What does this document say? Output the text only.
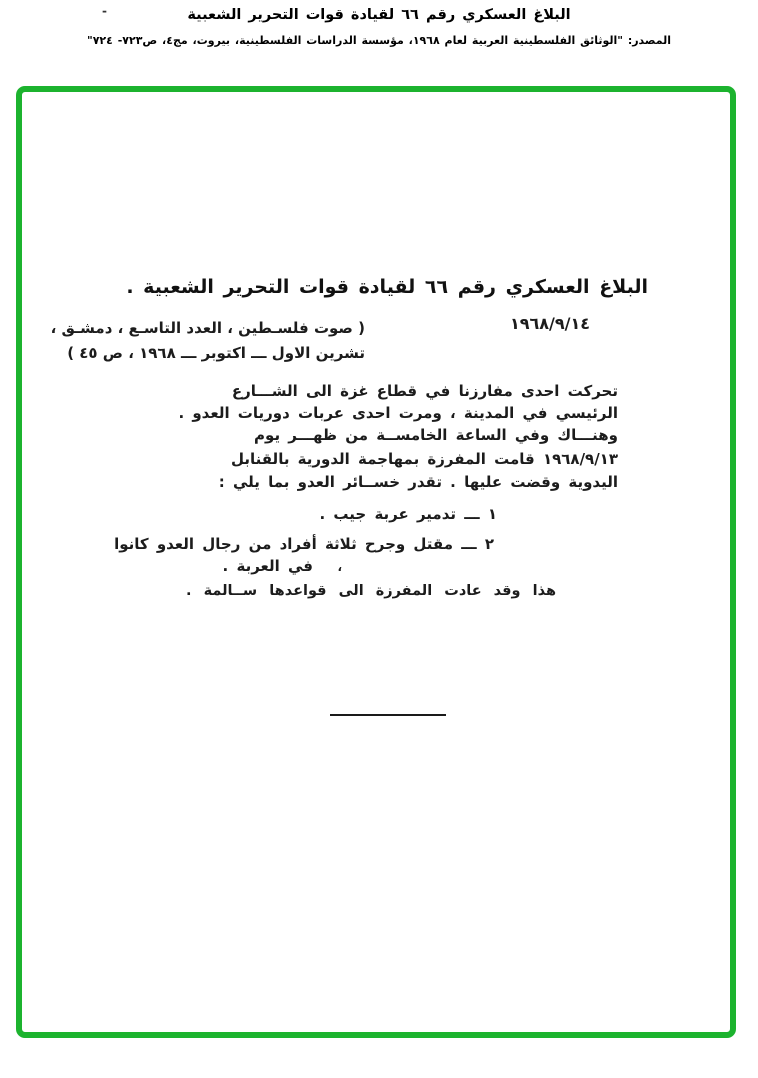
البلاغ العسكري رقم ٦٦ لقيادة قوات التحرير الشعبية
المصدر: "الوثائق الفلسطينية العربية لعام ١٩٦٨، مؤسسة الدراسات الفلسطينية، بيروت، مج٤، ص٧٢٣- ٧٢٤"
-
البلاغ العسكري رقم ٦٦ لقيادة قوات التحرير الشعبية .
١٩٦٨/٩/١٤
( صوت فلسـطين ، العدد التاسـع ، دمشـق ،
تشرين الاول ـــ اكتوبر ـــ ١٩٦٨ ، ص ٤٥ )
تحركت احدى مفارزنا في قطاع غزة الى الشـــارع
الرئيسي في المدينة ، ومرت احدى عربات دوريات العدو .
وهنـــاك وفي الساعة الخامســة من ظهـــر يوم
١٩٦٨/٩/١٣ قامت المفرزة بمهاجمة الدورية بالقنابل
اليدوية وقضت عليها . تقدر خســائر العدو بما يلي :
١ ـــ تدمير عربة جيب .
٢ ـــ مقتل وجرح ثلاثة أفراد من رجال العدو كانوا
في العربة . ،
هذا وقد عادت المفرزة الى قواعدها ســالمة .
